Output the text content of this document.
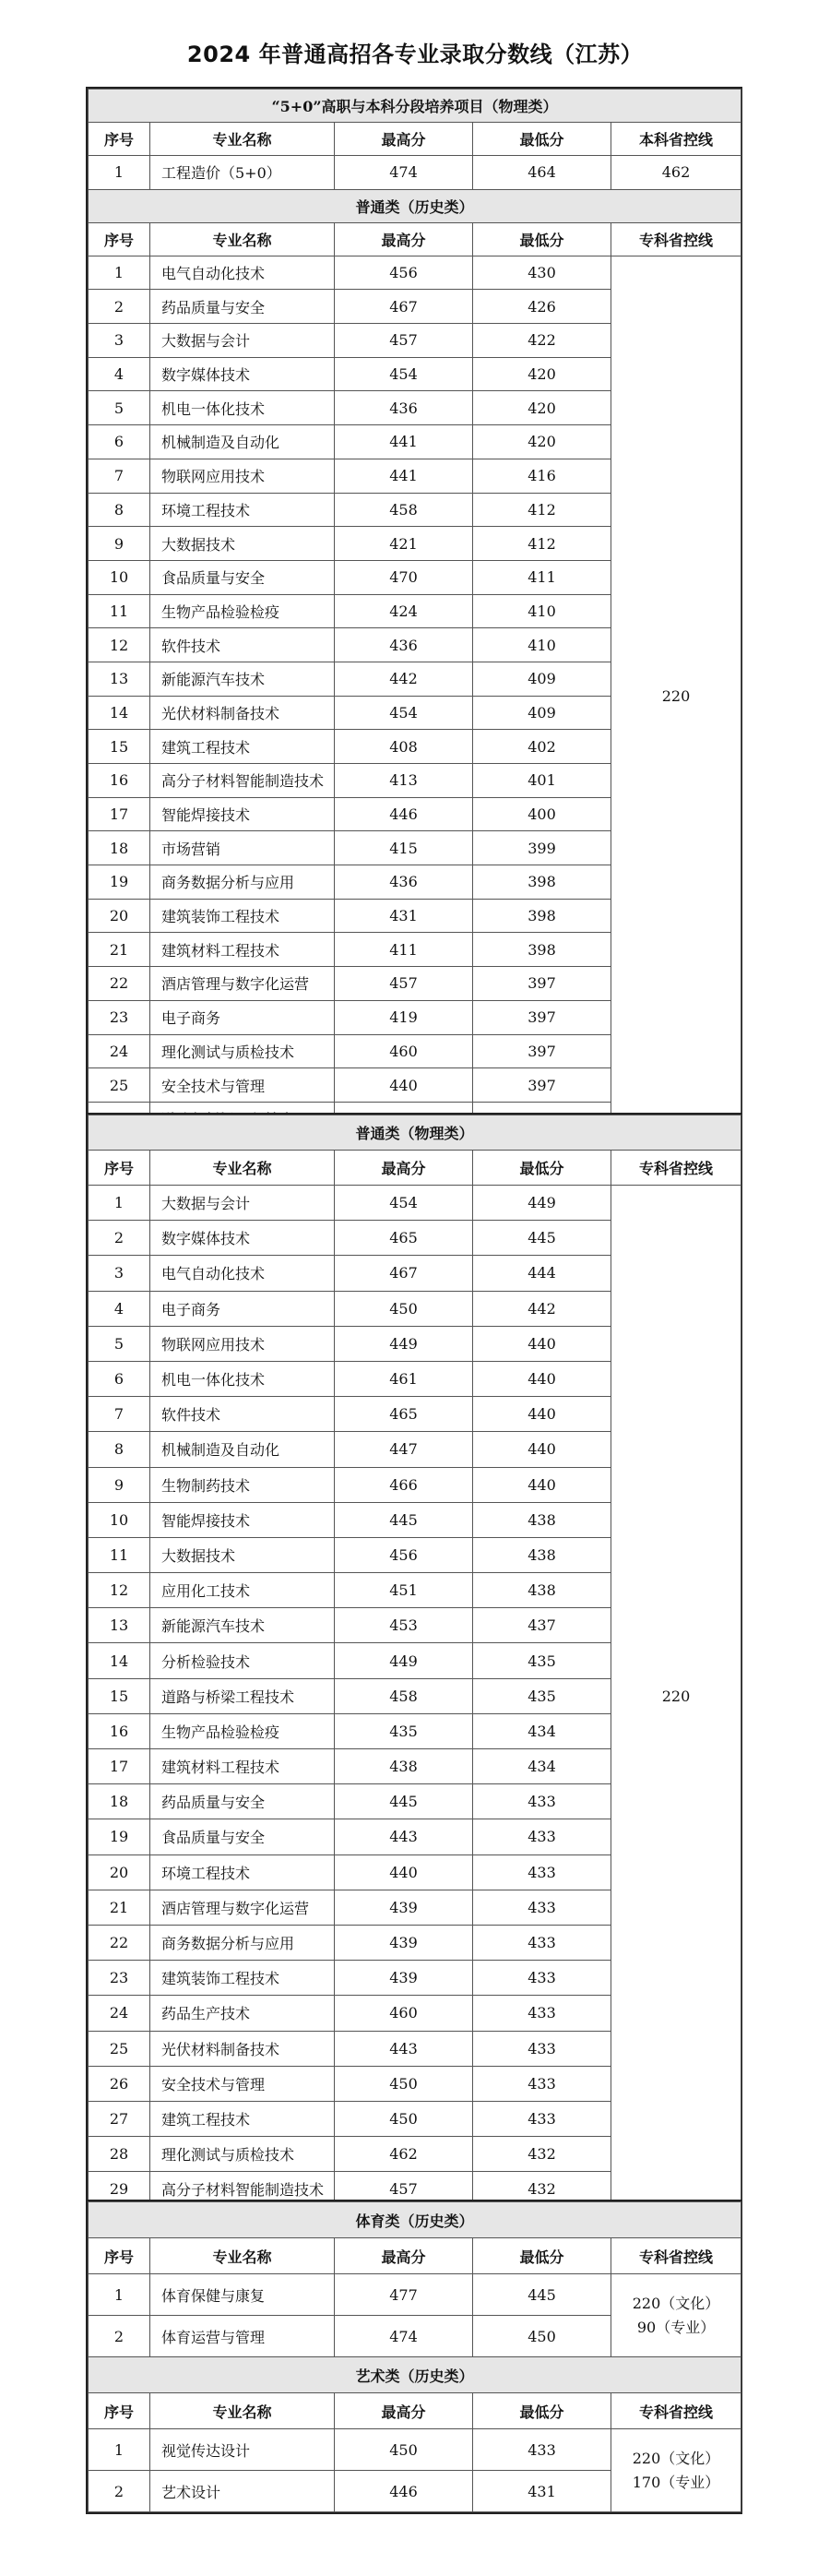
2024 年普通高招各专业录取分数线（江苏）
“5+0”高职与本科分段培养项目（物理类）				
序号	专业名称	最高分	最低分	本科省控线
1	工程造价（5+0）	474	464	462
普通类（历史类）				
序号	专业名称	最高分	最低分	专科省控线
1	电气自动化技术	456	430	220
2	药品质量与安全	467	426	
3	大数据与会计	457	422	
4	数字媒体技术	454	420	
5	机电一体化技术	436	420	
6	机械制造及自动化	441	420	
7	物联网应用技术	441	416	
8	环境工程技术	458	412	
9	大数据技术	421	412	
10	食品质量与安全	470	411	
11	生物产品检验检疫	424	410	
12	软件技术	436	410	
13	新能源汽车技术	442	409	
14	光伏材料制备技术	454	409	
15	建筑工程技术	408	402	
16	高分子材料智能制造技术	413	401	
17	智能焊接技术	446	400	
18	市场营销	415	399	
19	商务数据分析与应用	436	398	
20	建筑装饰工程技术	431	398	
21	建筑材料工程技术	411	398	
22	酒店管理与数字化运营	457	397	
23	电子商务	419	397	
24	理化测试与质检技术	460	397	
25	安全技术与管理	440	397	

普通类（物理类）				
序号	专业名称	最高分	最低分	专科省控线
1	大数据与会计	454	449	220
2	数字媒体技术	465	445	
3	电气自动化技术	467	444	
4	电子商务	450	442	
5	物联网应用技术	449	440	
6	机电一体化技术	461	440	
7	软件技术	465	440	
8	机械制造及自动化	447	440	
9	生物制药技术	466	440	
10	智能焊接技术	445	438	
11	大数据技术	456	438	
12	应用化工技术	451	438	
13	新能源汽车技术	453	437	
14	分析检验技术	449	435	
15	道路与桥梁工程技术	458	435	
16	生物产品检验检疫	435	434	
17	建筑材料工程技术	438	434	
18	药品质量与安全	445	433	
19	食品质量与安全	443	433	
20	环境工程技术	440	433	
21	酒店管理与数字化运营	439	433	
22	商务数据分析与应用	439	433	
23	建筑装饰工程技术	439	433	
24	药品生产技术	460	433	
25	光伏材料制备技术	443	433	
26	安全技术与管理	450	433	
27	建筑工程技术	450	433	
28	理化测试与质检技术	462	432	
29	高分子材料智能制造技术	457	432	
体育类（历史类）				
序号	专业名称	最高分	最低分	专科省控线
1	体育保健与康复	477	445	220（文化）
90（专业）

2	体育运营与管理	474	450	
艺术类（历史类）				
序号	专业名称	最高分	最低分	专科省控线
1	视觉传达设计	450	433	220（文化）
170（专业）

2	艺术设计	446	431	
